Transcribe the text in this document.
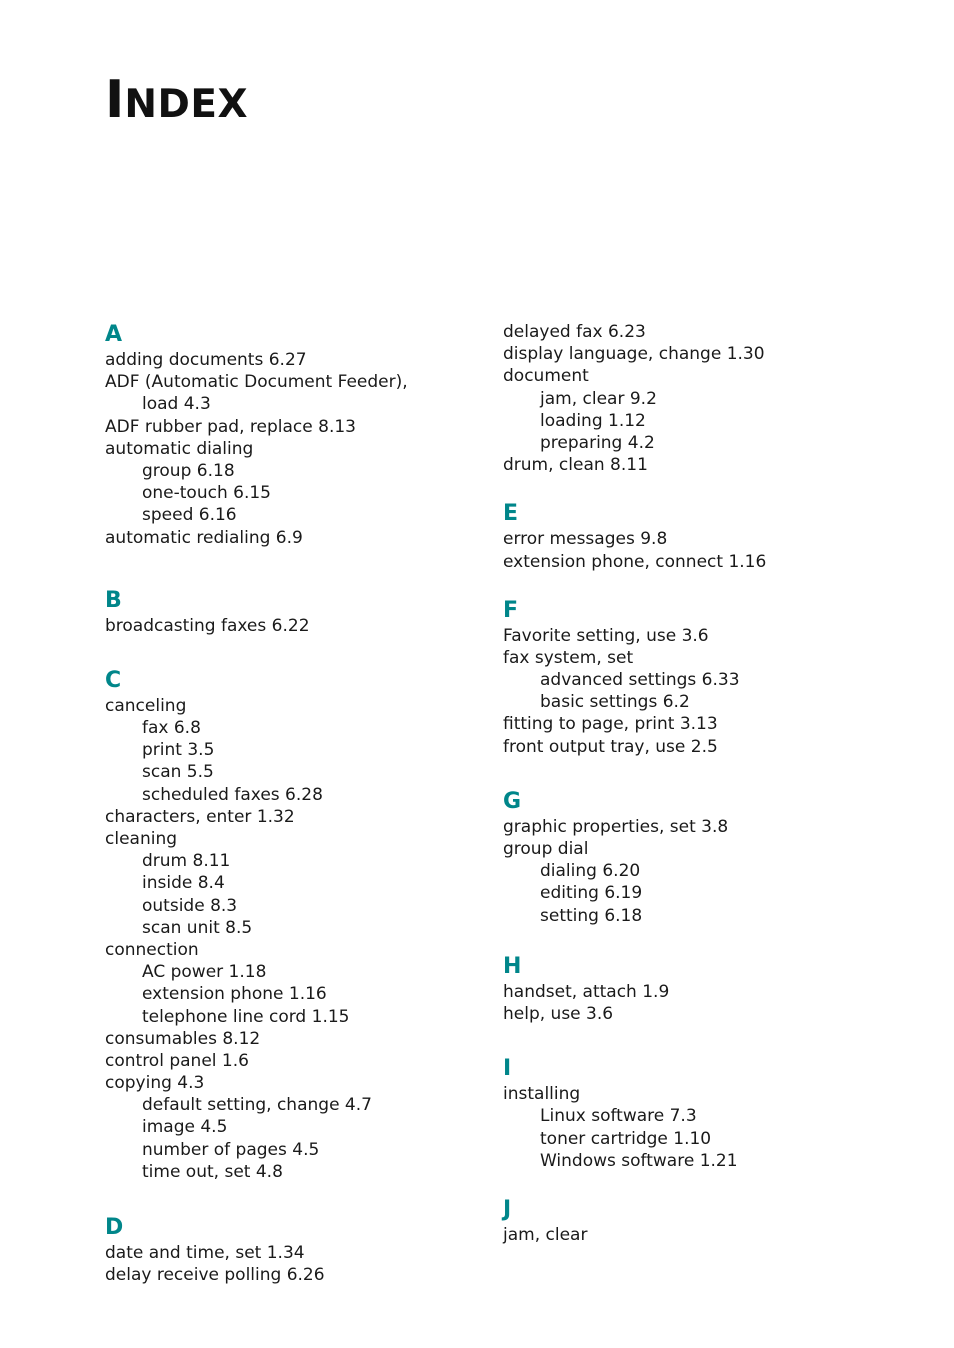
INDEX
A
adding documents 6.27
ADF (Automatic Document Feeder),
load 4.3
ADF rubber pad, replace 8.13
automatic dialing
group 6.18
one-touch 6.15
speed 6.16
automatic redialing 6.9
B
broadcasting faxes 6.22
C
canceling
fax 6.8
print 3.5
scan 5.5
scheduled faxes 6.28
characters, enter 1.32
cleaning
drum 8.11
inside 8.4
outside 8.3
scan unit 8.5
connection
AC power 1.18
extension phone 1.16
telephone line cord 1.15
consumables 8.12
control panel 1.6
copying 4.3
default setting, change 4.7
image 4.5
number of pages 4.5
time out, set 4.8
D
date and time, set 1.34
delay receive polling 6.26
delayed fax 6.23
display language, change 1.30
document
jam, clear 9.2
loading 1.12
preparing 4.2
drum, clean 8.11
E
error messages 9.8
extension phone, connect 1.16
F
Favorite setting, use 3.6
fax system, set
advanced settings 6.33
basic settings 6.2
fitting to page, print 3.13
front output tray, use 2.5
G
graphic properties, set 3.8
group dial
dialing 6.20
editing 6.19
setting 6.18
H
handset, attach 1.9
help, use 3.6
I
installing
Linux software 7.3
toner cartridge 1.10
Windows software 1.21
J
jam, clear
